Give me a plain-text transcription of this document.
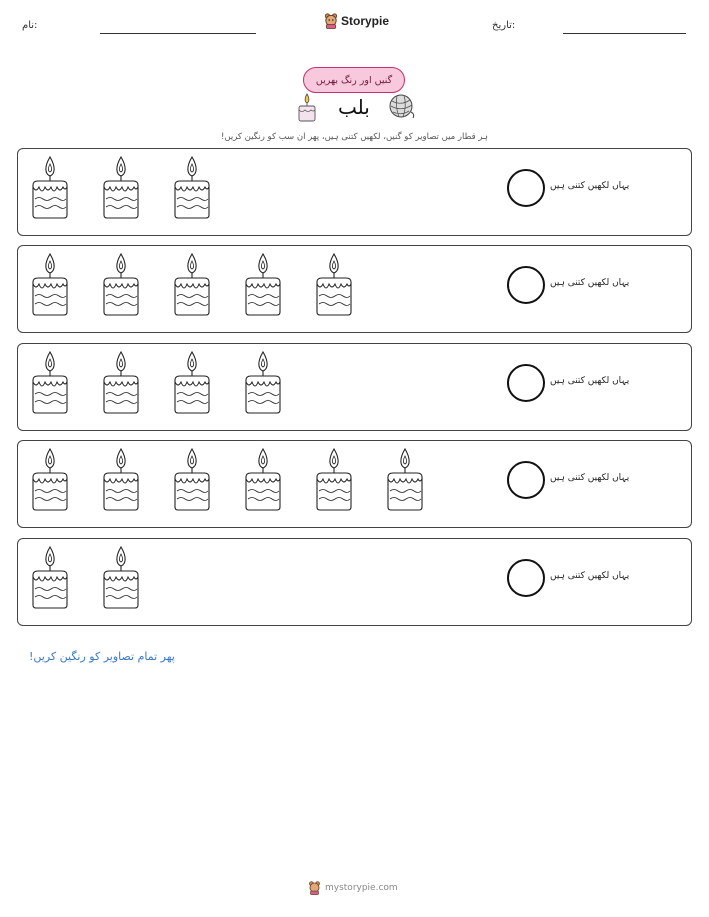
نام:	Storypie	تاریخ:
گنیں اور رنگ بھریں
بلب
ہر قطار میں تصاویر کو گنیں، لکھیں کتنی ہیں، پھر ان سب کو رنگین کریں!
یہاں لکھیں کتنی ہیں
یہاں لکھیں کتنی ہیں
یہاں لکھیں کتنی ہیں
یہاں لکھیں کتنی ہیں
یہاں لکھیں کتنی ہیں
پھر تمام تصاویر کو رنگین کریں!
mystorypie.com
